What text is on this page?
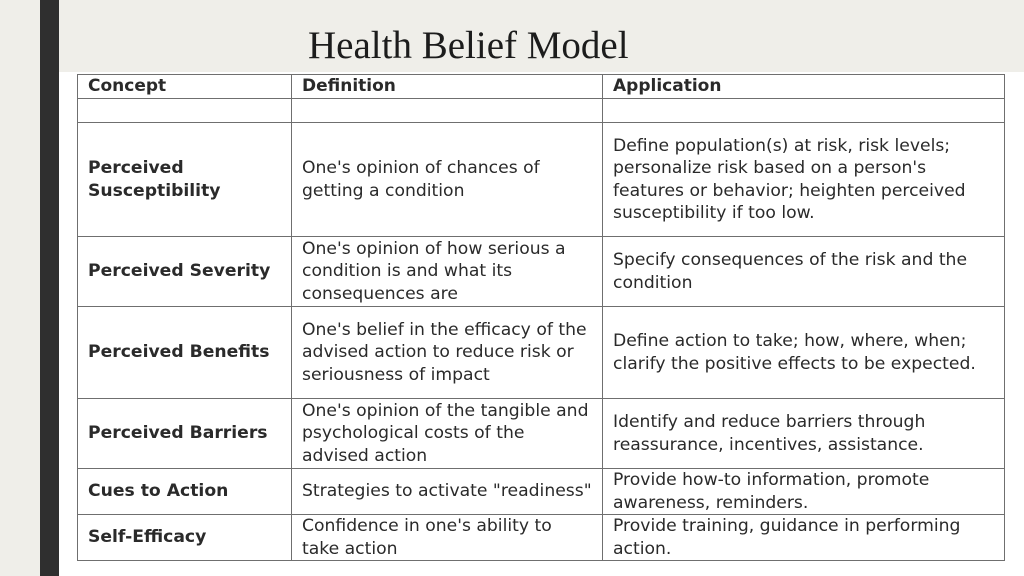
Health Belief Model
Concept	Definition	Application

Perceived Susceptibility	One's opinion of chances of getting a condition	Define population(s) at risk, risk levels; personalize risk based on a person's features or behavior; heighten perceived susceptibility if too low.
Perceived Severity	One's opinion of how serious a condition is and what its consequences are	Specify consequences of the risk and the condition
Perceived Benefits	One's belief in the efficacy of the advised action to reduce risk or seriousness of impact	Define action to take; how, where, when; clarify the positive effects to be expected.
Perceived Barriers	One's opinion of the tangible and psychological costs of the advised action	Identify and reduce barriers through reassurance, incentives, assistance.
Cues to Action	Strategies to activate "readiness"	Provide how-to information, promote awareness, reminders.
Self-Efficacy	Confidence in one's ability to take action	Provide training, guidance in performing action.
